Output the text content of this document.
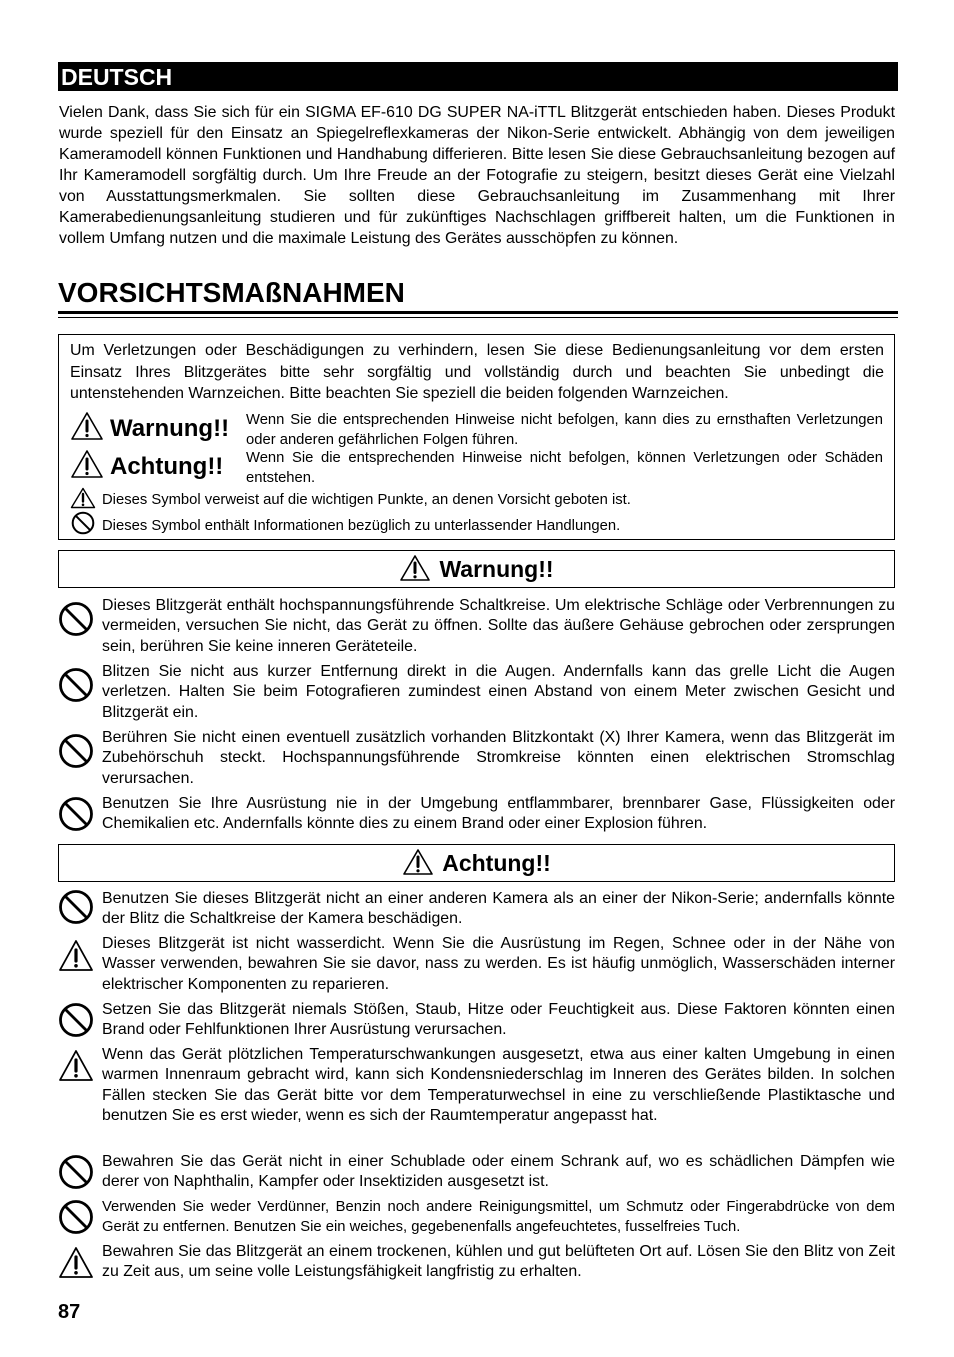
DEUTSCH
Vielen Dank, dass Sie sich für ein SIGMA EF-610 DG SUPER NA-iTTL Blitzgerät entschieden haben. Dieses Produkt wurde speziell für den Einsatz an Spiegelreflexkameras der Nikon-Serie entwickelt. Abhängig von dem jeweiligen Kameramodell können Funktionen und Handhabung differieren. Bitte lesen Sie diese Gebrauchsanleitung bezogen auf Ihr Kameramodell sorgfältig durch. Um Ihre Freude an der Fotografie zu steigern, besitzt dieses Gerät eine Vielzahl von Ausstattungsmerkmalen. Sie sollten diese Gebrauchsanleitung im Zusammenhang mit Ihrer Kamerabedienungsanleitung studieren und für zukünftiges Nachschlagen griffbereit halten, um die Funktionen in vollem Umfang nutzen und die maximale Leistung des Gerätes ausschöpfen zu können.
VORSICHTSMAßNAHMEN
Um Verletzungen oder Beschädigungen zu verhindern, lesen Sie diese Bedienungsanleitung vor dem ersten Einsatz Ihres Blitzgerätes bitte sehr sorgfältig und vollständig durch und beachten Sie unbedingt die untenstehenden Warnzeichen. Bitte beachten Sie speziell die beiden folgenden Warnzeichen.
Warnung!! Wenn Sie die entsprechenden Hinweise nicht befolgen, kann dies zu ernsthaften Verletzungen oder anderen gefährlichen Folgen führen.
Achtung!! Wenn Sie die entsprechenden Hinweise nicht befolgen, können Verletzungen oder Schäden entstehen.
Dieses Symbol verweist auf die wichtigen Punkte, an denen Vorsicht geboten ist.
Dieses Symbol enthält Informationen bezüglich zu unterlassender Handlungen.
Warnung!!
Dieses Blitzgerät enthält hochspannungsführende Schaltkreise. Um elektrische Schläge oder Verbrennungen zu vermeiden, versuchen Sie nicht, das Gerät zu öffnen. Sollte das äußere Gehäuse gebrochen oder zersprungen sein, berühren Sie keine inneren Geräteteile.
Blitzen Sie nicht aus kurzer Entfernung direkt in die Augen. Andernfalls kann das grelle Licht die Augen verletzen. Halten Sie beim Fotografieren zumindest einen Abstand von einem Meter zwischen Gesicht und Blitzgerät ein.
Berühren Sie nicht einen eventuell zusätzlich vorhanden Blitzkontakt (X) Ihrer Kamera, wenn das Blitzgerät im Zubehörschuh steckt. Hochspannungsführende Stromkreise könnten einen elektrischen Stromschlag verursachen.
Benutzen Sie Ihre Ausrüstung nie in der Umgebung entflammbarer, brennbarer Gase, Flüssigkeiten oder Chemikalien etc. Andernfalls könnte dies zu einem Brand oder einer Explosion führen.
Achtung!!
Benutzen Sie dieses Blitzgerät nicht an einer anderen Kamera als an einer der Nikon-Serie; andernfalls könnte der Blitz die Schaltkreise der Kamera beschädigen.
Dieses Blitzgerät ist nicht wasserdicht. Wenn Sie die Ausrüstung im Regen, Schnee oder in der Nähe von Wasser verwenden, bewahren Sie sie davor, nass zu werden. Es ist häufig unmöglich, Wasserschäden interner elektrischer Komponenten zu reparieren.
Setzen Sie das Blitzgerät niemals Stößen, Staub, Hitze oder Feuchtigkeit aus. Diese Faktoren könnten einen Brand oder Fehlfunktionen Ihrer Ausrüstung verursachen.
Wenn das Gerät plötzlichen Temperaturschwankungen ausgesetzt, etwa aus einer kalten Umgebung in einen warmen Innenraum gebracht wird, kann sich Kondensniederschlag im Inneren des Gerätes bilden. In solchen Fällen stecken Sie das Gerät bitte vor dem Temperaturwechsel in eine zu verschließende Plastiktasche und benutzen Sie es erst wieder, wenn es sich der Raumtemperatur angepasst hat.
Bewahren Sie das Gerät nicht in einer Schublade oder einem Schrank auf, wo es schädlichen Dämpfen wie derer von Naphthalin, Kampfer oder Insektiziden ausgesetzt ist.
Verwenden Sie weder Verdünner, Benzin noch andere Reinigungsmittel, um Schmutz oder Fingerabdrücke von dem Gerät zu entfernen. Benutzen Sie ein weiches, gegebenenfalls angefeuchtetes, fusselfreies Tuch.
Bewahren Sie das Blitzgerät an einem trockenen, kühlen und gut belüfteten Ort auf. Lösen Sie den Blitz von Zeit zu Zeit aus, um seine volle Leistungsfähigkeit langfristig zu erhalten.
87
